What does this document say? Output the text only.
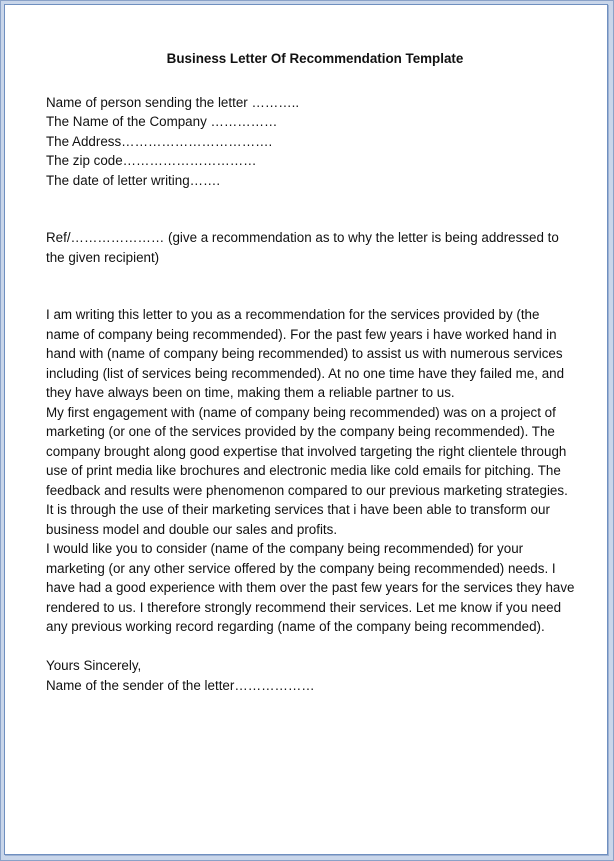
Business Letter Of Recommendation Template
Name of person sending the letter ………..
The Name of the Company ……………
The Address…………………………….
The zip code…………………………
The date of letter writing…….
Ref/………………… (give a recommendation as to why the letter is being addressed to the given recipient)

I am writing this letter to you as a recommendation for the services provided by (the name of company being recommended). For the past few years i have worked hand in hand with (name of company being recommended) to assist us with numerous services including (list of services being recommended). At no one time have they failed me, and they have always been on time, making them a reliable partner to us.

My first engagement with (name of company being recommended) was on a project of marketing (or one of the services provided by the company being recommended). The company brought along good expertise that involved targeting the right clientele through use of print media like brochures and electronic media like cold emails for pitching. The feedback and results were phenomenon compared to our previous marketing strategies. It is through the use of their marketing services that i have been able to transform our business model and double our sales and profits.

I would like you to consider (name of the company being recommended) for your marketing (or any other service offered by the company being recommended) needs. I have had a good experience with them over the past few years for the services they have rendered to us. I therefore strongly recommend their services. Let me know if you need any previous working record regarding (name of the company being recommended).

Yours Sincerely,
Name of the sender of the letter………………
